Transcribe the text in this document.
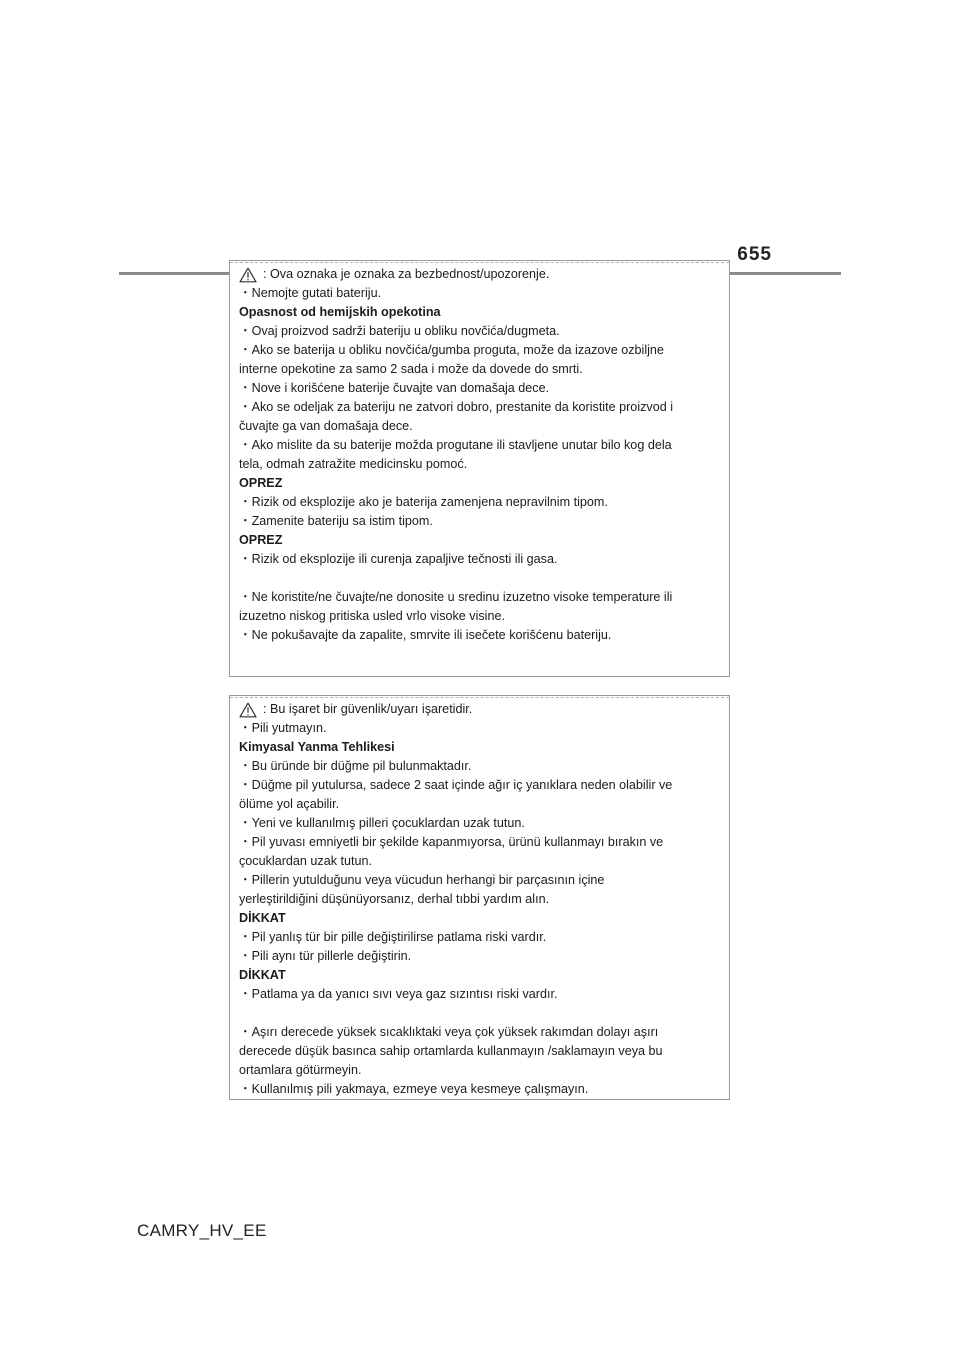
655
: Ova oznaka je oznaka za bezbednost/upozorenje.
・Nemojte gutati bateriju.
Opasnost od hemijskih opekotina
・Ovaj proizvod sadrži bateriju u obliku novčića/dugmeta.
・Ako se baterija u obliku novčića/gumba proguta, može da izazove ozbiljne
interne opekotine za samo 2 sada i može da dovede do smrti.
・Nove i korišćene baterije čuvajte van domašaja dece.
・Ako se odeljak za bateriju ne zatvori dobro, prestanite da koristite proizvod i
čuvajte ga van domašaja dece.
・Ako mislite da su baterije možda progutane ili stavljene unutar bilo kog dela
tela, odmah zatražite medicinsku pomoć.
OPREZ
・Rizik od eksplozije ako je baterija zamenjena nepravilnim tipom.
・Zamenite bateriju sa istim tipom.
OPREZ
・Rizik od eksplozije ili curenja zapaljive tečnosti ili gasa.
・Ne koristite/ne čuvajte/ne donosite u sredinu izuzetno visoke temperature ili
izuzetno niskog pritiska usled vrlo visoke visine.
・Ne pokušavajte da zapalite, smrvite ili isečete korišćenu bateriju.
: Bu işaret bir güvenlik/uyarı işaretidir.
・Pili yutmayın.
Kimyasal Yanma Tehlikesi
・Bu üründe bir düğme pil bulunmaktadır.
・Düğme pil yutulursa, sadece 2 saat içinde ağır iç yanıklara neden olabilir ve
ölüme yol açabilir.
・Yeni ve kullanılmış pilleri çocuklardan uzak tutun.
・Pil yuvası emniyetli bir şekilde kapanmıyorsa, ürünü kullanmayı bırakın ve
çocuklardan uzak tutun.
・Pillerin yutulduğunu veya vücudun herhangi bir parçasının içine
yerleştirildiğini düşünüyorsanız, derhal tıbbi yardım alın.
DİKKAT
・Pil yanlış tür bir pille değiştirilirse patlama riski vardır.
・Pili aynı tür pillerle değiştirin.
DİKKAT
・Patlama ya da yanıcı sıvı veya gaz sızıntısı riski vardır.
・Aşırı derecede yüksek sıcaklıktaki veya çok yüksek rakımdan dolayı aşırı
derecede düşük basınca sahip ortamlarda kullanmayın /saklamayın veya bu
ortamlara götürmeyin.
・Kullanılmış pili yakmaya, ezmeye veya kesmeye çalışmayın.
CAMRY_HV_EE
